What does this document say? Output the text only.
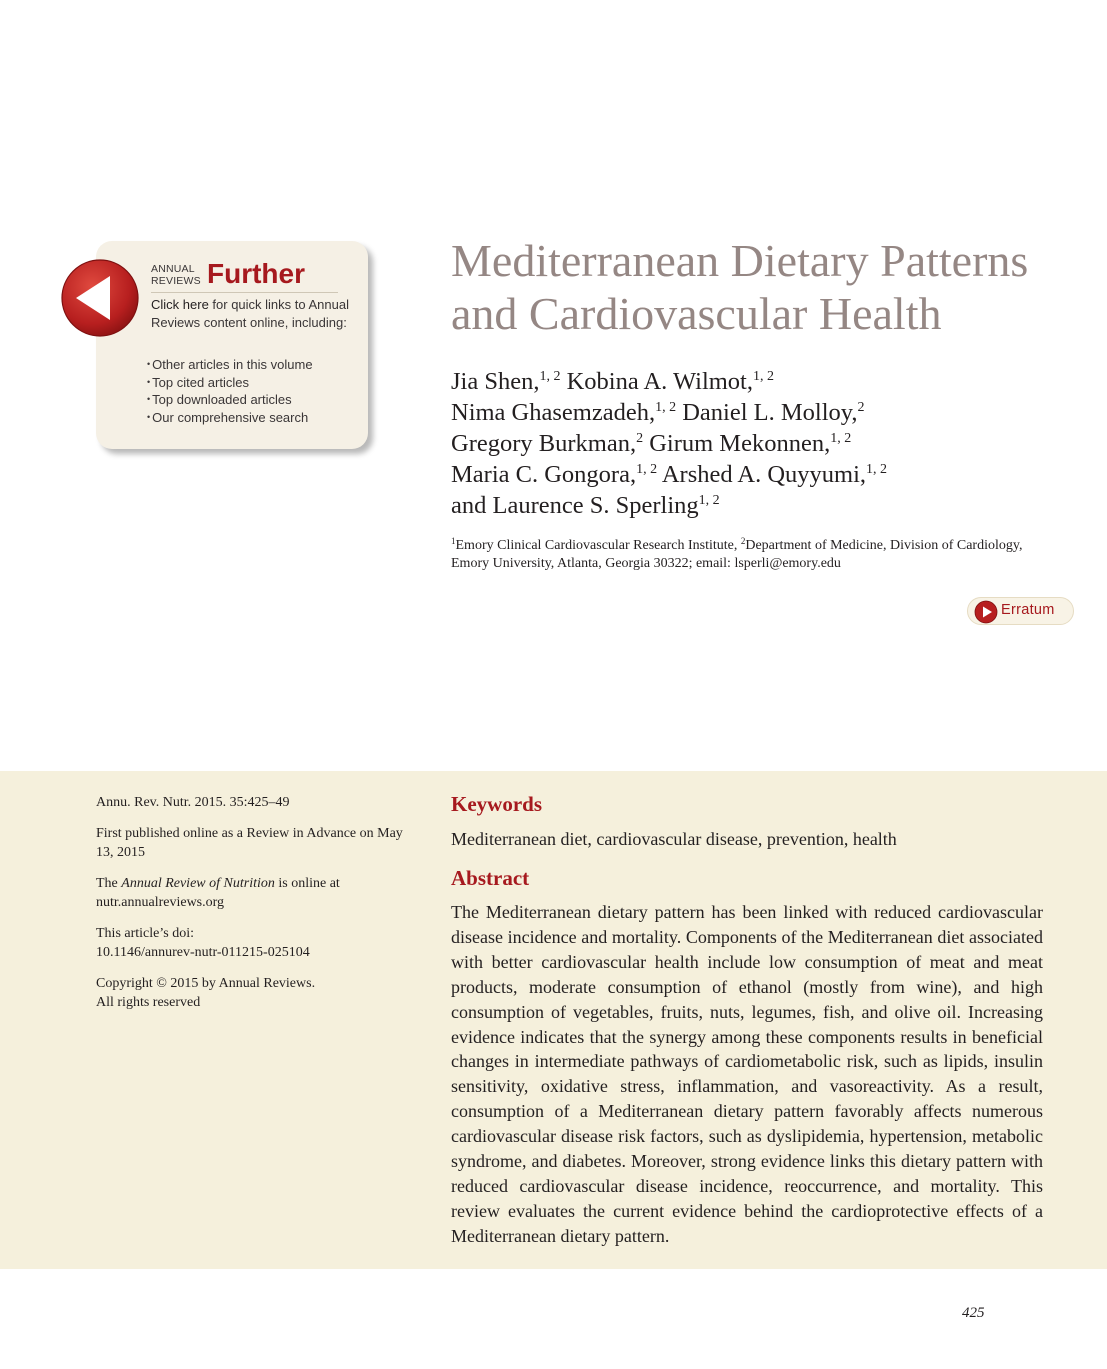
ANNUAL
REVIEWS Further
Click here for quick links to Annual Reviews content online, including:
• Other articles in this volume
• Top cited articles
• Top downloaded articles
• Our comprehensive search
Mediterranean Dietary Patterns
and Cardiovascular Health
Jia Shen,$^{1, 2}$ Kobina A. Wilmot,$^{1, 2}$
Nima Ghasemzadeh,$^{1, 2}$ Daniel L. Molloy,$^2$
Gregory Burkman,$^2$ Girum Mekonnen,$^{1, 2}$
Maria C. Gongora,$^{1, 2}$ Arshed A. Quyyumi,$^{1, 2}$
and Laurence S. Sperling$^{1, 2}$
$^1$Emory Clinical Cardiovascular Research Institute, $^2$Department of Medicine, Division of Cardiology, Emory University, Atlanta, Georgia 30322; email: lsperli@emory.edu
Erratum

Annu. Rev. Nutr. 2015. 35:425–49

First published online as a Review in Advance on May 13, 2015

The Annual Review of Nutrition is online at nutr.annualreviews.org

This article’s doi:
10.1146/annurev-nutr-011215-025104

Copyright © 2015 by Annual Reviews.
All rights reserved

Keywords
Mediterranean diet, cardiovascular disease, prevention, health
Abstract

The Mediterranean dietary pattern has been linked with reduced cardiovascular disease incidence and mortality. Components of the Mediterranean diet associated with better cardiovascular health include low consumption of meat and meat products, moderate consumption of ethanol (mostly from wine), and high consumption of vegetables, fruits, nuts, legumes, fish, and olive oil. Increasing evidence indicates that the synergy among these components results in beneficial changes in intermediate pathways of cardiometabolic risk, such as lipids, insulin sensitivity, oxidative stress, inflammation, and vasoreactivity. As a result, consumption of a Mediterranean dietary pattern favorably affects numerous cardiovascular disease risk factors, such as dyslipidemia, hypertension, metabolic syndrome, and diabetes. Moreover, strong evidence links this dietary pattern with reduced cardiovascular disease incidence, reoccurrence, and mortality. This review evaluates the current evidence behind the cardioprotective effects of a Mediterranean dietary pattern.

425
